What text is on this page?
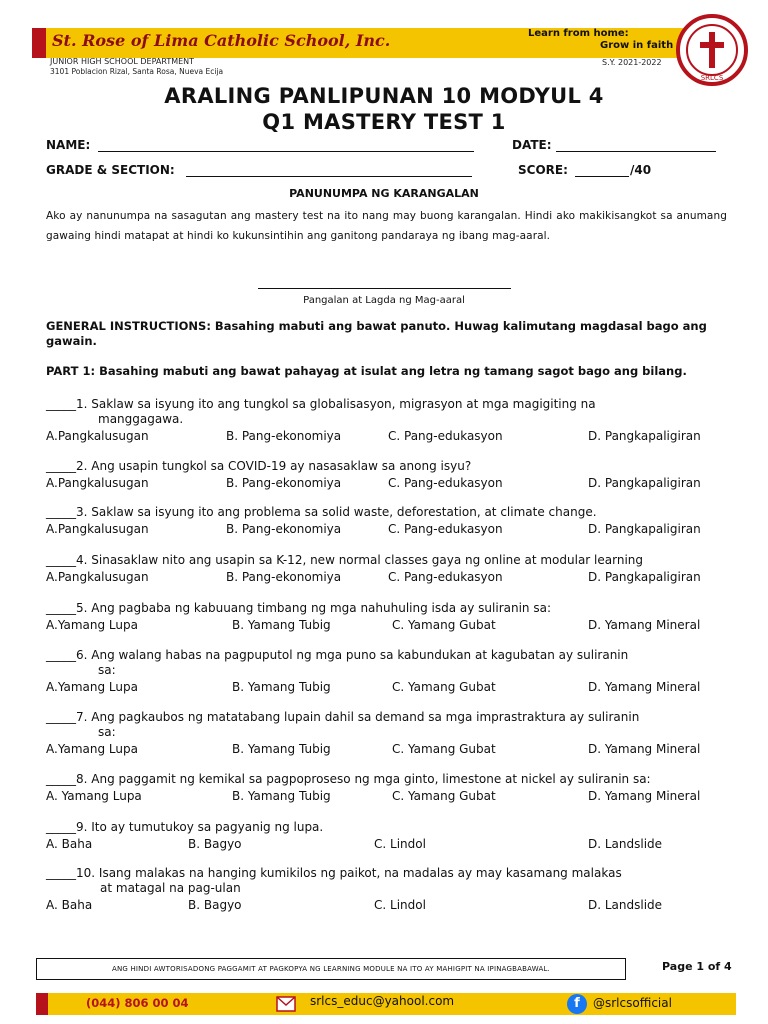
St. Rose of Lima Catholic School, Inc.	Learn from home:
Grow in faith
SRLCS
JUNIOR HIGH SCHOOL DEPARTMENT
3101 Poblacion Rizal, Santa Rosa, Nueva Ecija
S.Y. 2021-2022
ARALING PANLIPUNAN 10 MODYUL 4
Q1 MASTERY TEST 1
NAME:	DATE:
GRADE & SECTION:	SCORE:	/40
PANUNUMPA NG KARANGALAN
Ako ay nanunumpa na sasagutan ang mastery test na ito nang may buong karangalan. Hindi ako makikisangkot sa anumang gawaing hindi matapat at hindi ko kukunsintihin ang ganitong pandaraya ng ibang mag-aaral.
Pangalan at Lagda ng Mag-aaral
GENERAL INSTRUCTIONS: Basahing mabuti ang bawat panuto. Huwag kalimutang magdasal bago ang gawain.
PART 1: Basahing mabuti ang bawat pahayag at isulat ang letra ng tamang sagot bago ang bilang.
_____1. Saklaw sa isyung ito ang tungkol sa globalisasyon, migrasyon at mga magigiting na
manggagawa.
A.Pangkalusugan	B. Pang-ekonomiya	C. Pang-edukasyon	D. Pangkapaligiran
_____2. Ang usapin tungkol sa COVID-19 ay nasasaklaw sa anong isyu?
A.Pangkalusugan	B. Pang-ekonomiya	C. Pang-edukasyon	D. Pangkapaligiran
_____3. Saklaw sa isyung ito ang problema sa solid waste, deforestation, at climate change.
A.Pangkalusugan	B. Pang-ekonomiya	C. Pang-edukasyon	D. Pangkapaligiran
_____4. Sinasaklaw nito ang usapin sa K-12, new normal classes gaya ng online at modular learning
A.Pangkalusugan	B. Pang-ekonomiya	C. Pang-edukasyon	D. Pangkapaligiran
_____5. Ang pagbaba ng kabuuang timbang ng mga nahuhuling isda ay suliranin sa:
A.Yamang Lupa	B. Yamang Tubig	C. Yamang Gubat	D. Yamang Mineral
_____6. Ang walang habas na pagpuputol ng mga puno sa kabundukan at kagubatan ay suliranin
sa:
A.Yamang Lupa	B. Yamang Tubig	C. Yamang Gubat	D. Yamang Mineral
_____7. Ang pagkaubos ng matatabang lupain dahil sa demand sa mga imprastraktura ay suliranin
sa:
A.Yamang Lupa	B. Yamang Tubig	C. Yamang Gubat	D. Yamang Mineral
_____8. Ang paggamit ng kemikal sa pagpoproseso ng mga ginto, limestone at nickel ay suliranin sa:
A. Yamang Lupa	B. Yamang Tubig	C. Yamang Gubat	D. Yamang Mineral
_____9. Ito ay tumutukoy sa pagyanig ng lupa.
A. Baha	B. Bagyo	C. Lindol	D. Landslide
_____10. Isang malakas na hanging kumikilos ng paikot, na madalas ay may kasamang malakas
at matagal na pag-ulan
A. Baha	B. Bagyo	C. Lindol	D. Landslide
ANG HINDI AWTORISADONG PAGGAMIT AT PAGKOPYA NG LEARNING MODULE NA ITO AY MAHIGPIT NA IPINAGBABAWAL.	Page 1 of 4
(044) 806 00 04	srlcs_educ@yahool.com	f	@srlcsofficial
